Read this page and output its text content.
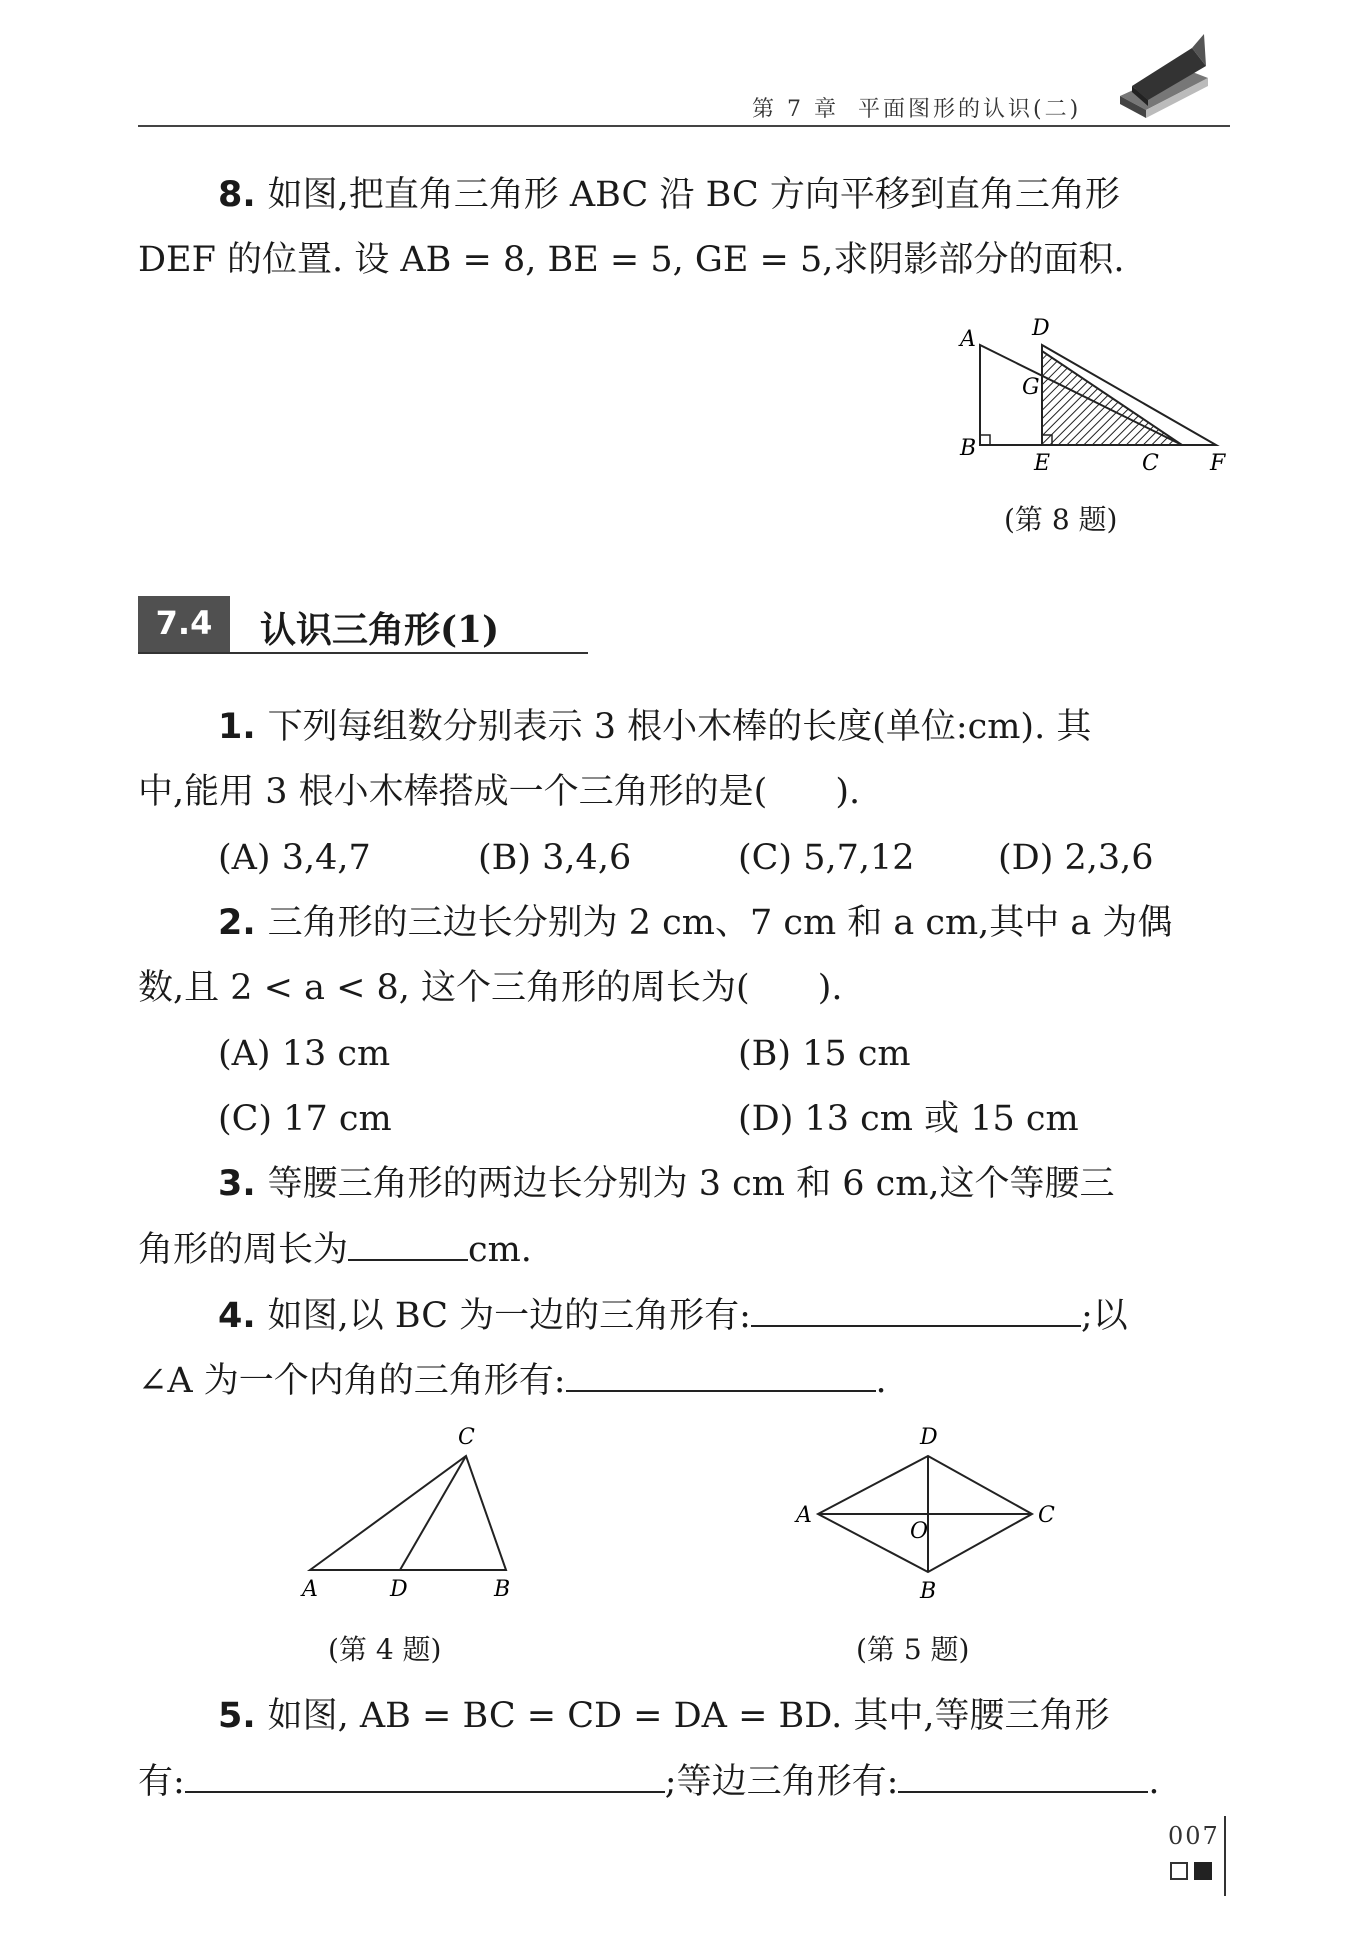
第 7 章 平面图形的认识(二)
8. 如图,把直角三角形 ABC 沿 BC 方向平移到直角三角形
DEF 的位置. 设 AB = 8, BE = 5, GE = 5,求阴影部分的面积.
A	D
G
B
E	C F
(第 8 题)
7.4	认识三角形(1)
1. 下列每组数分别表示 3 根小木棒的长度(单位:cm). 其
中,能用 3 根小木棒搭成一个三角形的是( ).
(A) 3,4,7	(B) 3,4,6	(C) 5,7,12 (D) 2,3,6
2. 三角形的三边长分别为 2 cm、7 cm 和 a cm,其中 a 为偶
数,且 2 < a < 8, 这个三角形的周长为( ).
(A) 13 cm	(B) 15 cm
(C) 17 cm	(D) 13 cm 或 15 cm
3. 等腰三角形的两边长分别为 3 cm 和 6 cm,这个等腰三
角形的周长为	cm.
4. 如图,以 BC 为一边的三角形有:	;以
∠A 为一个内角的三角形有:	.
C
A	D	B
(第 4 题)
D
A	C
O
B
(第 5 题)
5. 如图, AB = BC = CD = DA = BD. 其中,等腰三角形
有:	;等边三角形有:	.
007
